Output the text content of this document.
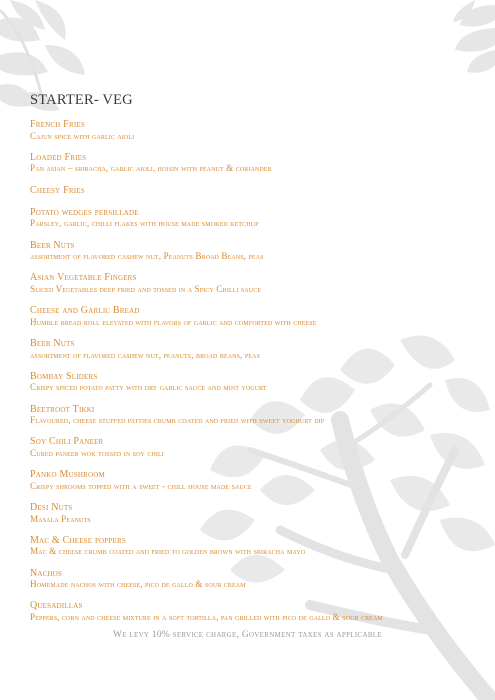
STARTER- VEG
French Fries
Cajun spice with garlic aioli
Loaded Fries
Pan asian – sriracha, garlic aioli, hoisin with peanut & coriander
Cheesy Fries
Potato wedges persillade
Parsley, garlic, chilli flakes with house made smoked ketchup
Beer Nuts
assortment of flavored cashew nut, Peanuts Broad Beans, peas
Asian Vegetable Fingers
Sliced Vegetables deep fried and tossed in a Spicy Chilli sauce
Cheese and Garlic Bread
Humble bread roll elevated with flavors of garlic and comforted with cheese
Beer Nuts
assortment of flavored cashew nut, peanuts, broad beans, peas
Bombay Sliders
Crispy spiced potato patty with dry garlic sauce and mint yogurt
Beetroot Tikki
Flavoured, cheese stuffed patties crumb coated and fried with sweet yoghurt dip
Soy Chili Paneer
Cubed paneer wok tossed in soy chili
Panko Mushroom
Crispy shrooms topped with a sweet - chill house made sauce
Desi Nuts
Masala Peanuts
Mac & Cheese poppers
Mac & cheese crumb coated and fried to golden brown with sriracha mayo
Nachos
Homemade nachos with cheese, pico de gallo & sour cream
Quesadillas
Peppers, corn and cheese mixture in a soft tortilla, pan grilled with pico de gallo & sour cream
We levy 10% service charge, Government taxes as applicable
